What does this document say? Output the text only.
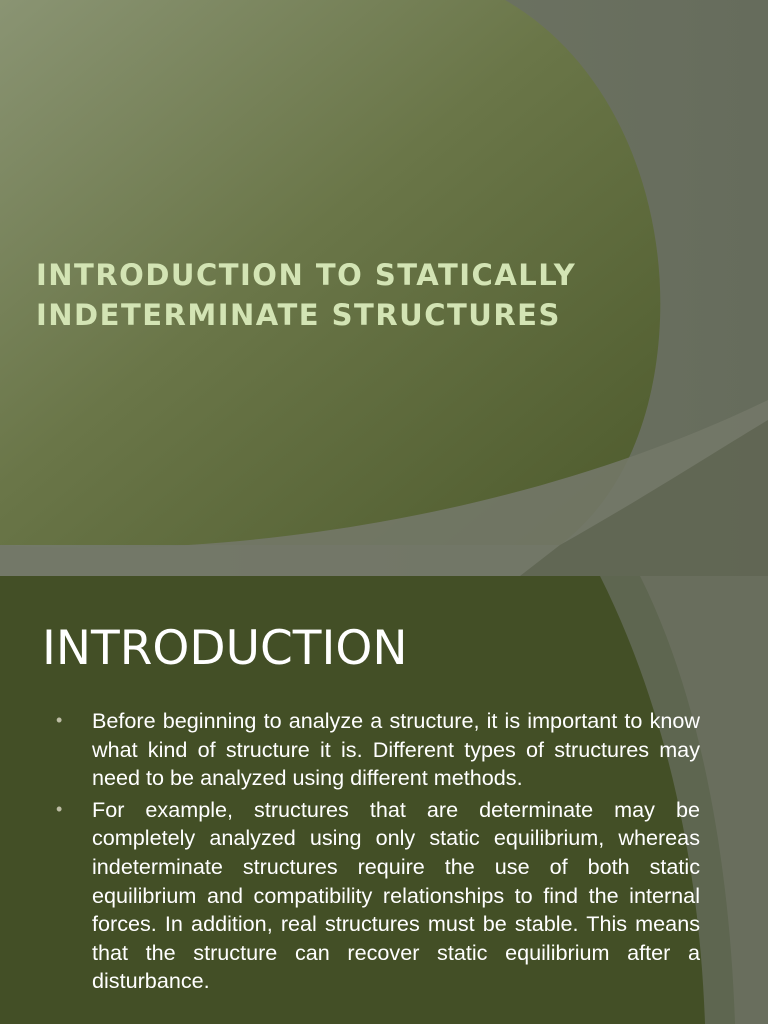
INTRODUCTION TO STATICALLY INDETERMINATE STRUCTURES
INTRODUCTION
• Before beginning to analyze a structure, it is important to know what kind of structure it is. Different types of structures may need to be analyzed using different methods.
• For example, structures that are determinate may be completely analyzed using only static equilibrium, whereas indeterminate structures require the use of both static equilibrium and compatibility relationships to find the internal forces. In addition, real structures must be stable. This means that the structure can recover static equilibrium after a disturbance.
